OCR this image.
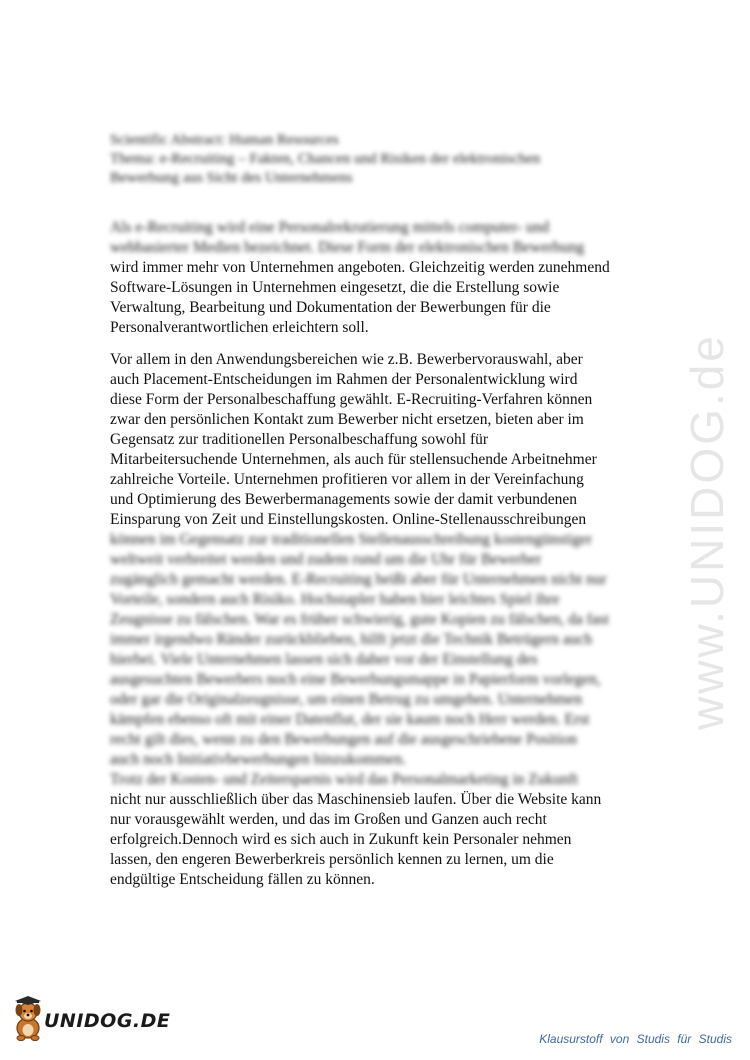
www.UNIDOG.de
Scientific Abstract: Human Resources
Thema: e-Recruiting – Fakten, Chancen und Risiken der elektronischen
Bewerbung aus Sicht des Unternehmens

Als e-Recruiting wird eine Personalrekrutierung mittels computer- und
webbasierter Medien bezeichnet. Diese Form der elektronischen Bewerbung
wird immer mehr von Unternehmen angeboten. Gleichzeitig werden zunehmend
Software-Lösungen in Unternehmen eingesetzt, die die Erstellung sowie
Verwaltung, Bearbeitung und Dokumentation der Bewerbungen für die
Personalverantwortlichen erleichtern soll.

Vor allem in den Anwendungsbereichen wie z.B. Bewerbervorauswahl, aber
auch Placement-Entscheidungen im Rahmen der Personalentwicklung wird
diese Form der Personalbeschaffung gewählt. E-Recruiting-Verfahren können
zwar den persönlichen Kontakt zum Bewerber nicht ersetzen, bieten aber im
Gegensatz zur traditionellen Personalbeschaffung sowohl für
Mitarbeitersuchende Unternehmen, als auch für stellensuchende Arbeitnehmer
zahlreiche Vorteile. Unternehmen profitieren vor allem in der Vereinfachung
und Optimierung des Bewerbermanagements sowie der damit verbundenen
Einsparung von Zeit und Einstellungskosten. Online-Stellenausschreibungen
können im Gegensatz zur traditionellen Stellenausschreibung kostengünstiger
weltweit verbreitet werden und zudem rund um die Uhr für Bewerber
zugänglich gemacht werden. E-Recruiting heißt aber für Unternehmen nicht nur
Vorteile, sondern auch Risiko. Hochstapler haben hier leichtes Spiel ihre
Zeugnisse zu fälschen. War es früher schwierig, gute Kopien zu fälschen, da fast
immer irgendwo Ränder zurückblieben, hilft jetzt die Technik Betrügern auch
hierbei. Viele Unternehmen lassen sich daher vor der Einstellung des
ausgesuchten Bewerbers noch eine Bewerbungsmappe in Papierform vorlegen,
oder gar die Originalzeugnisse, um einen Betrug zu umgehen. Unternehmen
kämpfen ebenso oft mit einer Datenflut, der sie kaum noch Herr werden. Erst
recht gilt dies, wenn zu den Bewerbungen auf die ausgeschriebene Position
auch noch Initiativbewerbungen hinzukommen.

Trotz der Kosten- und Zeitersparnis wird das Personalmarketing in Zukunft
nicht nur ausschließlich über das Maschinensieb laufen. Über die Website kann
nur vorausgewählt werden, und das im Großen und Ganzen auch recht
erfolgreich.Dennoch wird es sich auch in Zukunft kein Personaler nehmen
lassen, den engeren Bewerberkreis persönlich kennen zu lernen, um die
endgültige Entscheidung fällen zu können.

UNIDOG.DE
Klausurstoff von Studis für Studis
